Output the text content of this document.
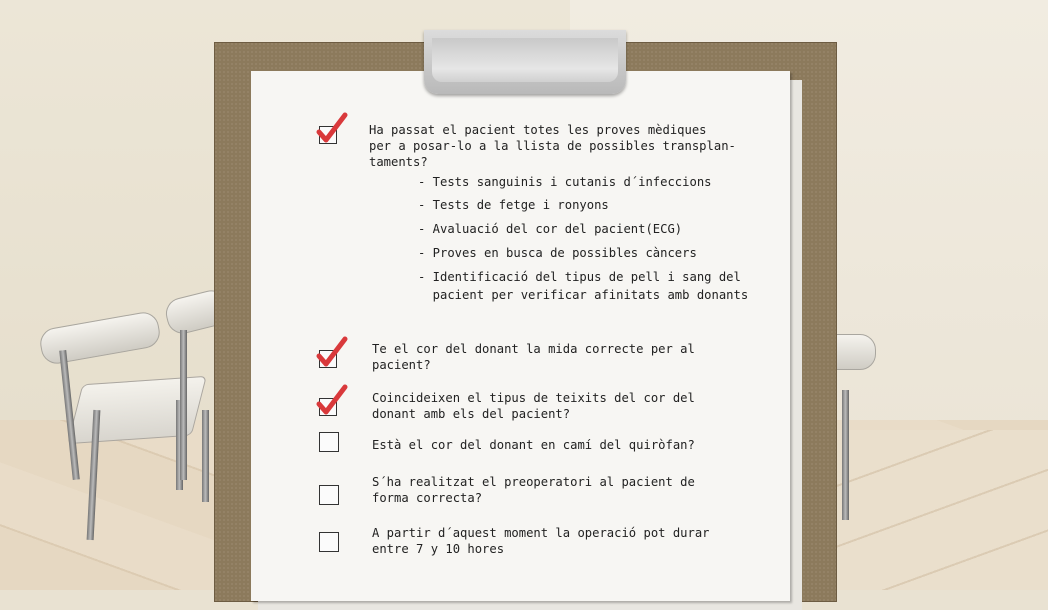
Ha passat el pacient totes les proves mèdiques
per a posar-lo a la llista de possibles transplan-
taments?
- Tests sanguinis i cutanis d´infeccions
- Tests de fetge i ronyons
- Avaluació del cor del pacient(ECG)
- Proves en busca de possibles càncers
- Identificació del tipus de pell i sang del
pacient per verificar afinitats amb donants
Te el cor del donant la mida correcte per al
pacient?
Coincideixen el tipus de teixits del cor del
donant amb els del pacient?
Està el cor del donant en camí del quiròfan?
S´ha realitzat el preoperatori al pacient de
forma correcta?
A partir d´aquest moment la operació pot durar
entre 7 y 10 hores
